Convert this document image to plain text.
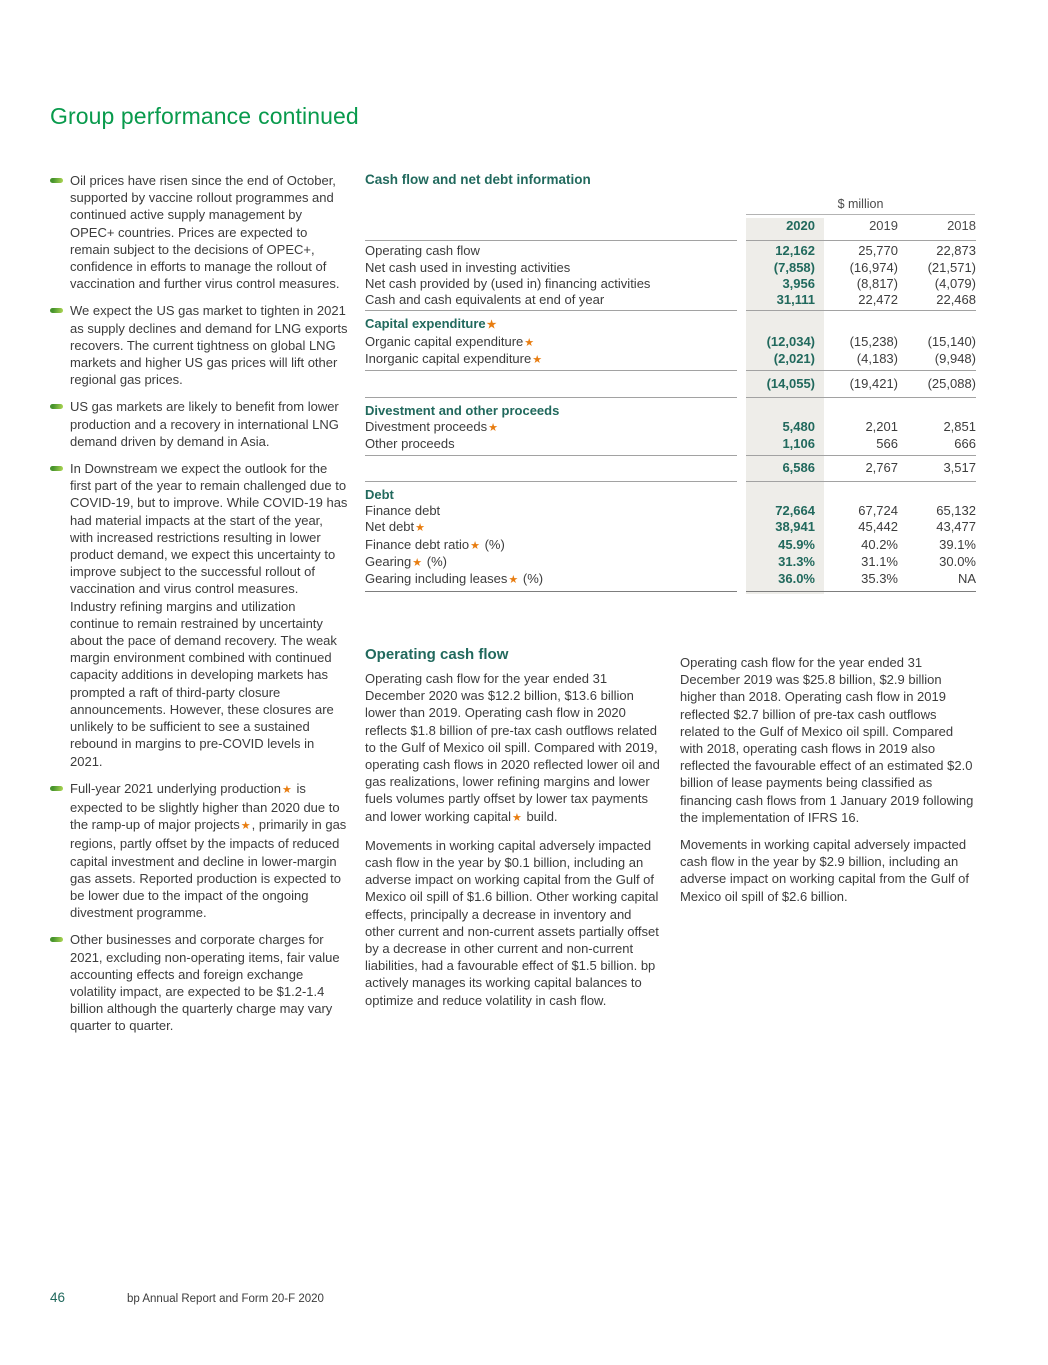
Group performance continued

Oil prices have risen since the end of October, supported by vaccine rollout programmes and continued active supply management by OPEC+ countries. Prices are expected to remain subject to the decisions of OPEC+, confidence in efforts to manage the rollout of vaccination and further virus control measures.

We expect the US gas market to tighten in 2021 as supply declines and demand for LNG exports recovers. The current tightness on global LNG markets and higher US gas prices will lift other regional gas prices.

US gas markets are likely to benefit from lower production and a recovery in international LNG demand driven by demand in Asia.

In Downstream we expect the outlook for the first part of the year to remain challenged due to COVID-19, but to improve. While COVID-19 has had material impacts at the start of the year, with increased restrictions resulting in lower product demand, we expect this uncertainty to improve subject to the successful rollout of vaccination and virus control measures. Industry refining margins and utilization continue to remain restrained by uncertainty about the pace of demand recovery. The weak margin environment combined with continued capacity additions in developing markets has prompted a raft of third-party closure announcements. However, these closures are unlikely to be sufficient to see a sustained rebound in margins to pre-COVID levels in 2021.

Full-year 2021 underlying production★ is expected to be slightly higher than 2020 due to the ramp-up of major projects★, primarily in gas regions, partly offset by the impacts of reduced capital investment and decline in lower-margin gas assets. Reported production is expected to be lower due to the impact of the ongoing divestment programme.

Other businesses and corporate charges for 2021, excluding non-operating items, fair value accounting effects and foreign exchange volatility impact, are expected to be $1.2-1.4 billion although the quarterly charge may vary quarter to quarter.

Cash flow and net debt information
$ million
2020	2019	2018
Operating cash flow	12,162	25,770	22,873
Net cash used in investing activities	(7,858)	(16,974)	(21,571)
Net cash provided by (used in) financing activities	3,956	(8,817)	(4,079)
Cash and cash equivalents at end of year	31,111	22,472	22,468
Capital expenditure★
Organic capital expenditure★	(12,034)	(15,238)	(15,140)
Inorganic capital expenditure★	(2,021)	(4,183)	(9,948)
(14,055)	(19,421)	(25,088)
Divestment and other proceeds
Divestment proceeds★	5,480	2,201	2,851
Other proceeds	1,106	566	666
6,586	2,767	3,517
Debt
Finance debt	72,664	67,724	65,132
Net debt★	38,941	45,442	43,477
Finance debt ratio★ (%)	45.9%	40.2%	39.1%
Gearing★ (%)	31.3%	31.1%	30.0%
Gearing including leases★ (%)	36.0%	35.3%	NA
Operating cash flow

Operating cash flow for the year ended 31 December 2020 was $12.2 billion, $13.6 billion lower than 2019. Operating cash flow in 2020 reflects $1.8 billion of pre-tax cash outflows related to the Gulf of Mexico oil spill. Compared with 2019, operating cash flows in 2020 reflected lower oil and gas realizations, lower refining margins and lower fuels volumes partly offset by lower tax payments and lower working capital★ build.

Movements in working capital adversely impacted cash flow in the year by $0.1 billion, including an adverse impact on working capital from the Gulf of Mexico oil spill of $1.6 billion. Other working capital effects, principally a decrease in inventory and other current and non-current assets partially offset by a decrease in other current and non-current liabilities, had a favourable effect of $1.5 billion. bp actively manages its working capital balances to optimize and reduce volatility in cash flow.

Operating cash flow for the year ended 31 December 2019 was $25.8 billion, $2.9 billion higher than 2018. Operating cash flow in 2019 reflected $2.7 billion of pre-tax cash outflows related to the Gulf of Mexico oil spill. Compared with 2018, operating cash flows in 2019 also reflected the favourable effect of an estimated $2.0 billion of lease payments being classified as financing cash flows from 1 January 2019 following the implementation of IFRS 16.

Movements in working capital adversely impacted cash flow in the year by $2.9 billion, including an adverse impact on working capital from the Gulf of Mexico oil spill of $2.6 billion.

46	bp Annual Report and Form 20-F 2020
